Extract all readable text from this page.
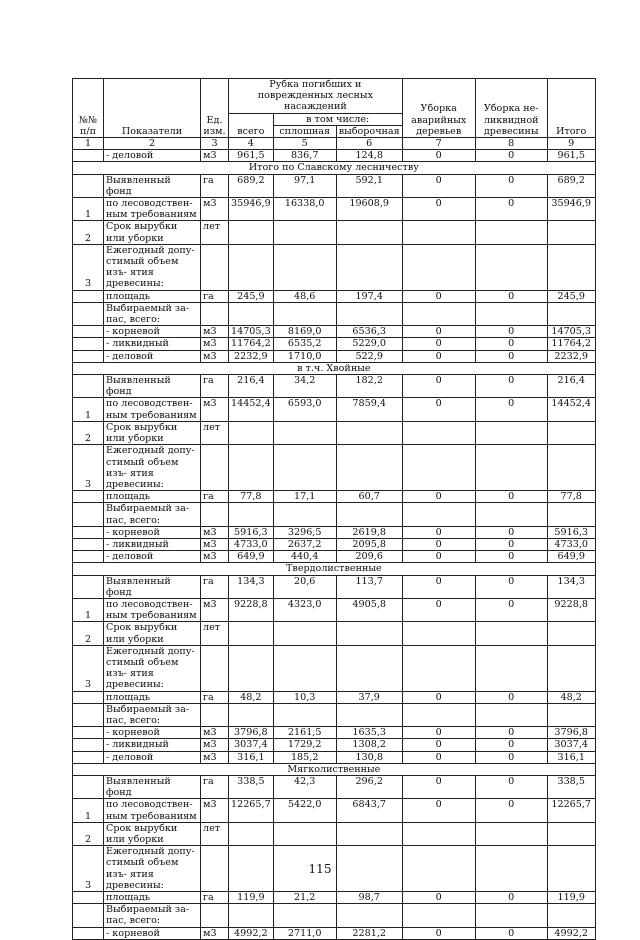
№№ п/п	Показатели	Ед. изм.	Рубка погибших и поврежденных лесных насаждений			Уборка аварийных деревьев	Уборка не- ликвидной древесины	Итого
			всего	в том числе:				
				сплошная	выборочная			
1	2	3	4	5	6	7	8	9
	- деловой	м3	961,5	836,7	124,8	0	0	961,5
Итого по Славскому лесничеству								
	Выявленный фонд	га	689,2	97,1	592,1	0	0	689,2
1	по лесоводствен- ным требованиям	м3	35946,9	16338,0	19608,9	0	0	35946,9
2	Срок вырубки или уборки	лет						
3	Ежегодный допу- стимый объем изъ- ятия древесины:							
	площадь	га	245,9	48,6	197,4	0	0	245,9
	Выбираемый за- пас, всего:							
	- корневой	м3	14705,3	8169,0	6536,3	0	0	14705,3
	- ликвидный	м3	11764,2	6535,2	5229,0	0	0	11764,2
	- деловой	м3	2232,9	1710,0	522,9	0	0	2232,9
в т.ч. Хвойные								
	Выявленный фонд	га	216,4	34,2	182,2	0	0	216,4
1	по лесоводствен- ным требованиям	м3	14452,4	6593,0	7859,4	0	0	14452,4
2	Срок вырубки или уборки	лет						
3	Ежегодный допу- стимый объем изъ- ятия древесины:							
	площадь	га	77,8	17,1	60,7	0	0	77,8
	Выбираемый за- пас, всего:							
	- корневой	м3	5916,3	3296,5	2619,8	0	0	5916,3
	- ликвидный	м3	4733,0	2637,2	2095,8	0	0	4733,0
	- деловой	м3	649,9	440,4	209,6	0	0	649,9
Твердолиственные								
	Выявленный фонд	га	134,3	20,6	113,7	0	0	134,3
1	по лесоводствен- ным требованиям	м3	9228,8	4323,0	4905,8	0	0	9228,8
2	Срок вырубки или уборки	лет						
3	Ежегодный допу- стимый объем изъ- ятия древесины:							
	площадь	га	48,2	10,3	37,9	0	0	48,2
	Выбираемый за- пас, всего:							
	- корневой	м3	3796,8	2161,5	1635,3	0	0	3796,8
	- ликвидный	м3	3037,4	1729,2	1308,2	0	0	3037,4
	- деловой	м3	316,1	185,2	130,8	0	0	316,1
Мягколиственные								
	Выявленный фонд	га	338,5	42,3	296,2	0	0	338,5
1	по лесоводствен- ным требованиям	м3	12265,7	5422,0	6843,7	0	0	12265,7
2	Срок вырубки или уборки	лет						
3	Ежегодный допу- стимый объем изъ- ятия древесины:							
	площадь	га	119,9	21,2	98,7	0	0	119,9
	Выбираемый за- пас, всего:							
	- корневой	м3	4992,2	2711,0	2281,2	0	0	4992,2
115
